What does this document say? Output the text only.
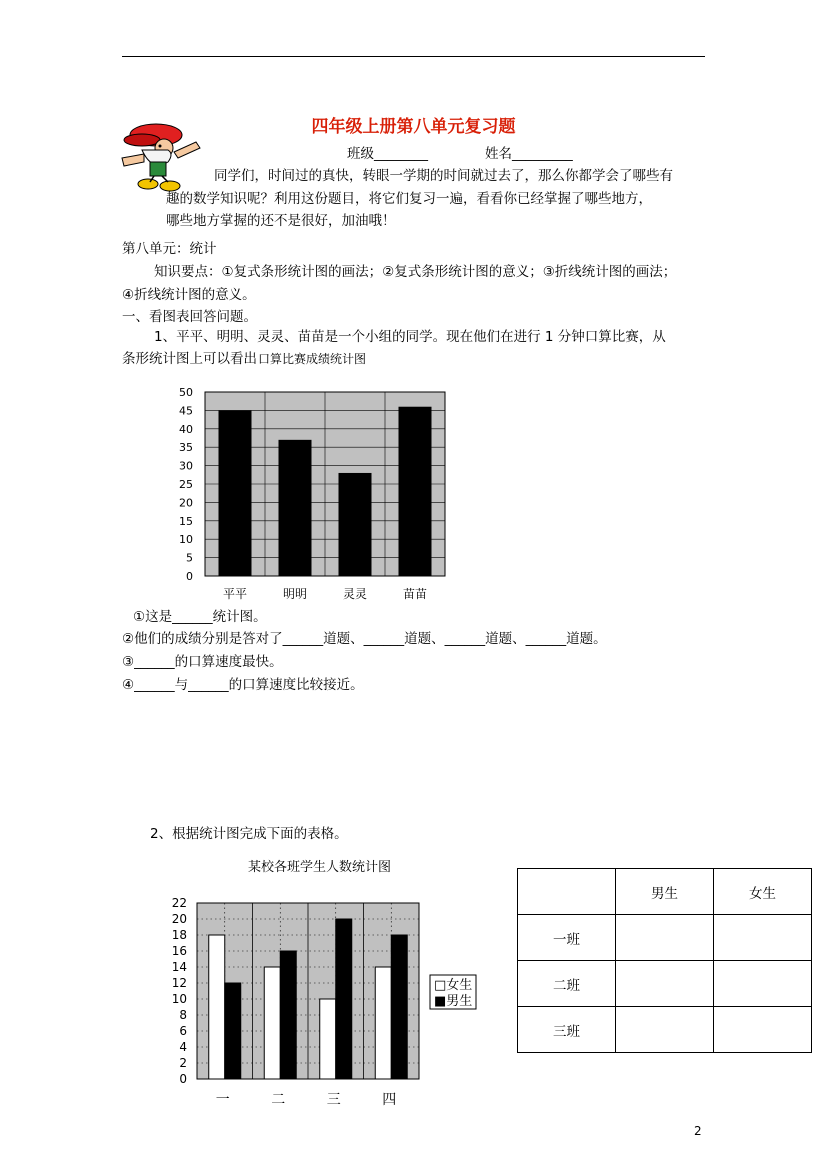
四年级上册第八单元复习题
班级________	姓名_________
同学们，时间过的真快，转眼一学期的时间就过去了，那么你都学会了哪些有
趣的数学知识呢？利用这份题目，将它们复习一遍，看看你已经掌握了哪些地方，
哪些地方掌握的还不是很好，加油哦！
第八单元：统计
知识要点：①复式条形统计图的画法；②复式条形统计图的意义；③折线统计图的画法；
④折线统计图的意义。
一、看图表回答问题。
1、平平、明明、灵灵、苗苗是一个小组的同学。现在他们在进行 1 分钟口算比赛，从
条形统计图上可以看出 口算比赛成绩统计图
0
5
10
15
20
25
30
35
40
45
50
平平	明明	灵灵	苗苗
①这是______统计图。
②他们的成绩分别是答对了______道题、______道题、______道题、______道题。
③______的口算速度最快。
④______与______的口算速度比较接近。
2、根据统计图完成下面的表格。
某校各班学生人数统计图
0
2
4
6
8
10
12
14
16
18
20
22
一	二	三	四
□女生
■男生
	男生	女生
一班		
二班		
三班		
2
